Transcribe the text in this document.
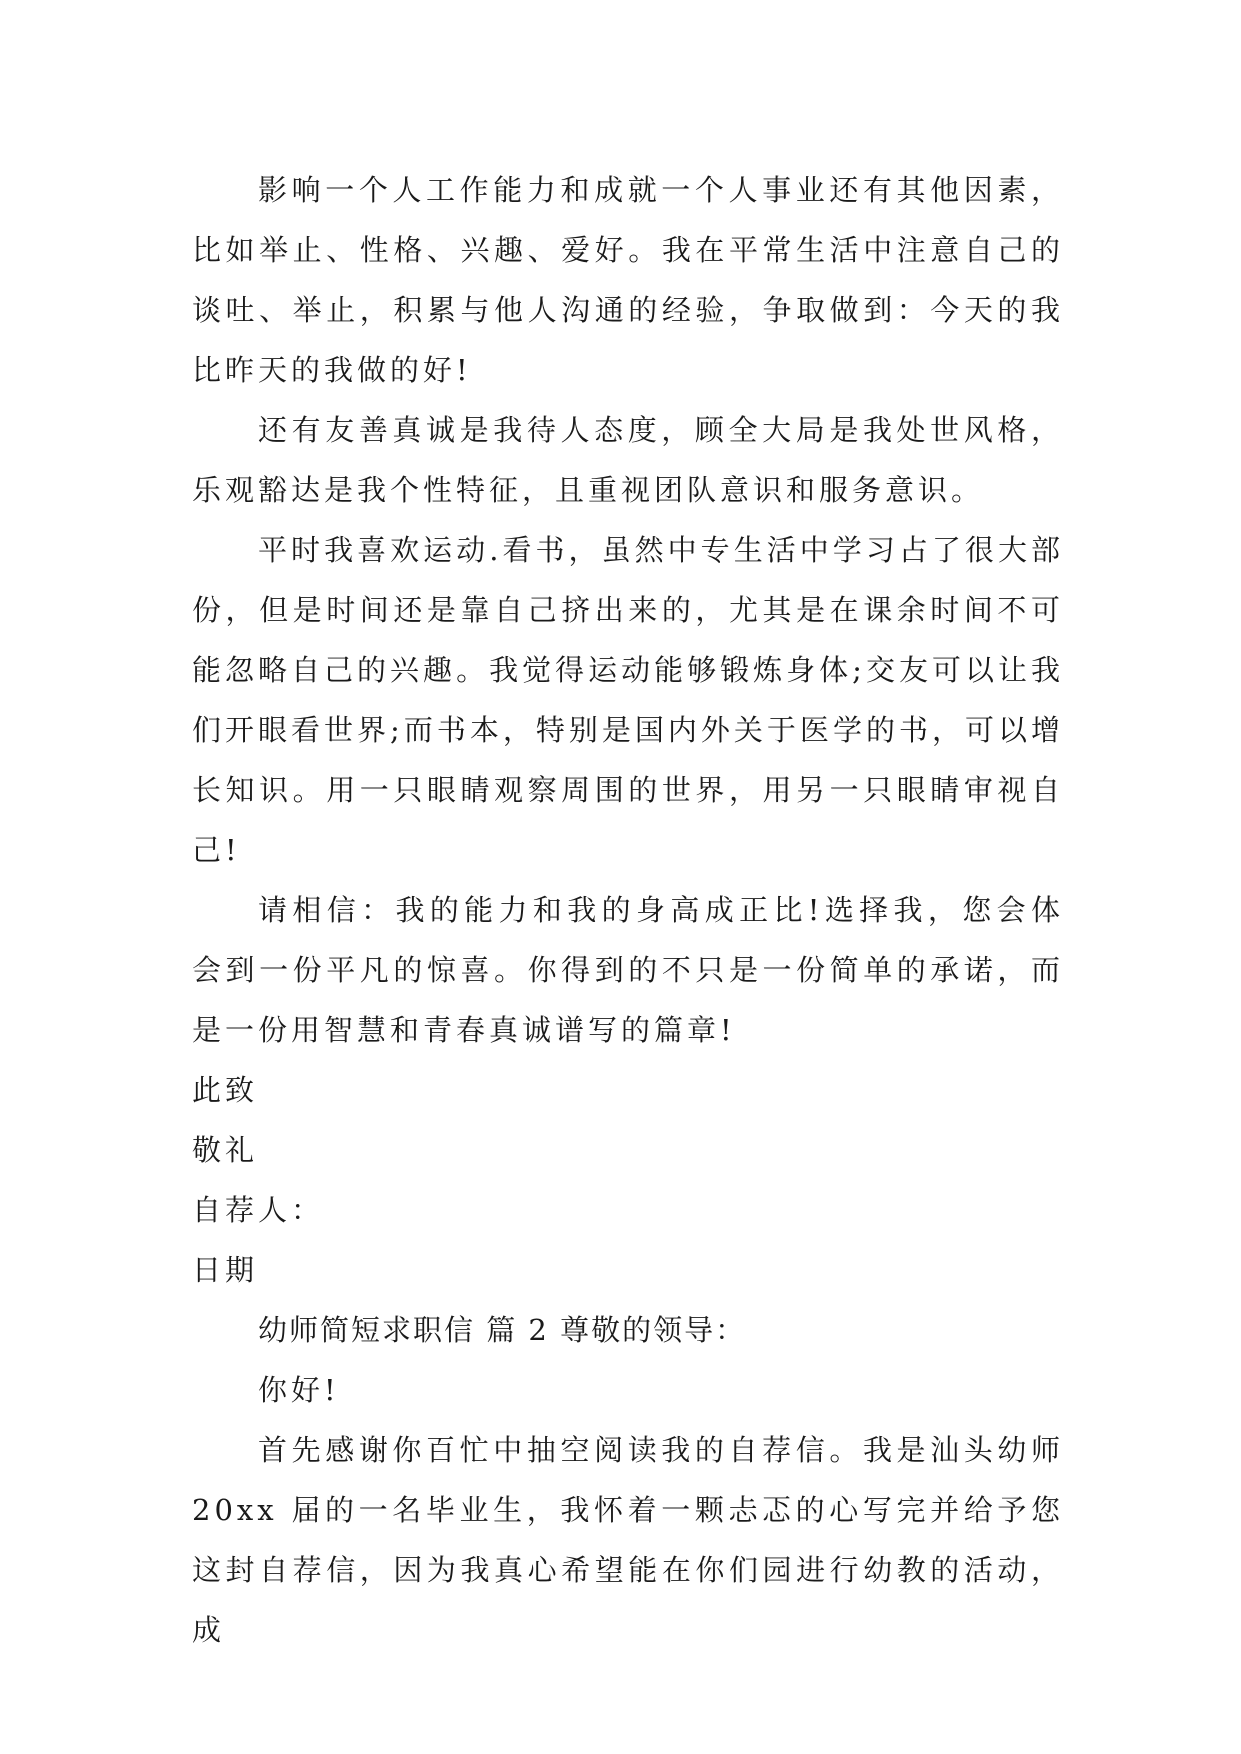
影响一个人工作能力和成就一个人事业还有其他因素，比如举止、性格、兴趣、爱好。我在平常生活中注意自己的谈吐、举止，积累与他人沟通的经验，争取做到：今天的我比昨天的我做的好!

还有友善真诚是我待人态度，顾全大局是我处世风格，乐观豁达是我个性特征，且重视团队意识和服务意识。

平时我喜欢运动.看书，虽然中专生活中学习占了很大部份，但是时间还是靠自己挤出来的，尤其是在课余时间不可能忽略自己的兴趣。我觉得运动能够锻炼身体;交友可以让我们开眼看世界;而书本，特别是国内外关于医学的书，可以增长知识。用一只眼睛观察周围的世界，用另一只眼睛审视自己!

请相信：我的能力和我的身高成正比!选择我，您会体会到一份平凡的惊喜。你得到的不只是一份简单的承诺，而是一份用智慧和青春真诚谱写的篇章!

此致

敬礼

自荐人：

日期

幼师简短求职信 篇 2 尊敬的领导：

你好!

首先感谢你百忙中抽空阅读我的自荐信。我是汕头幼师20xx 届的一名毕业生，我怀着一颗忐忑的心写完并给予您这封自荐信，因为我真心希望能在你们园进行幼教的活动，成
